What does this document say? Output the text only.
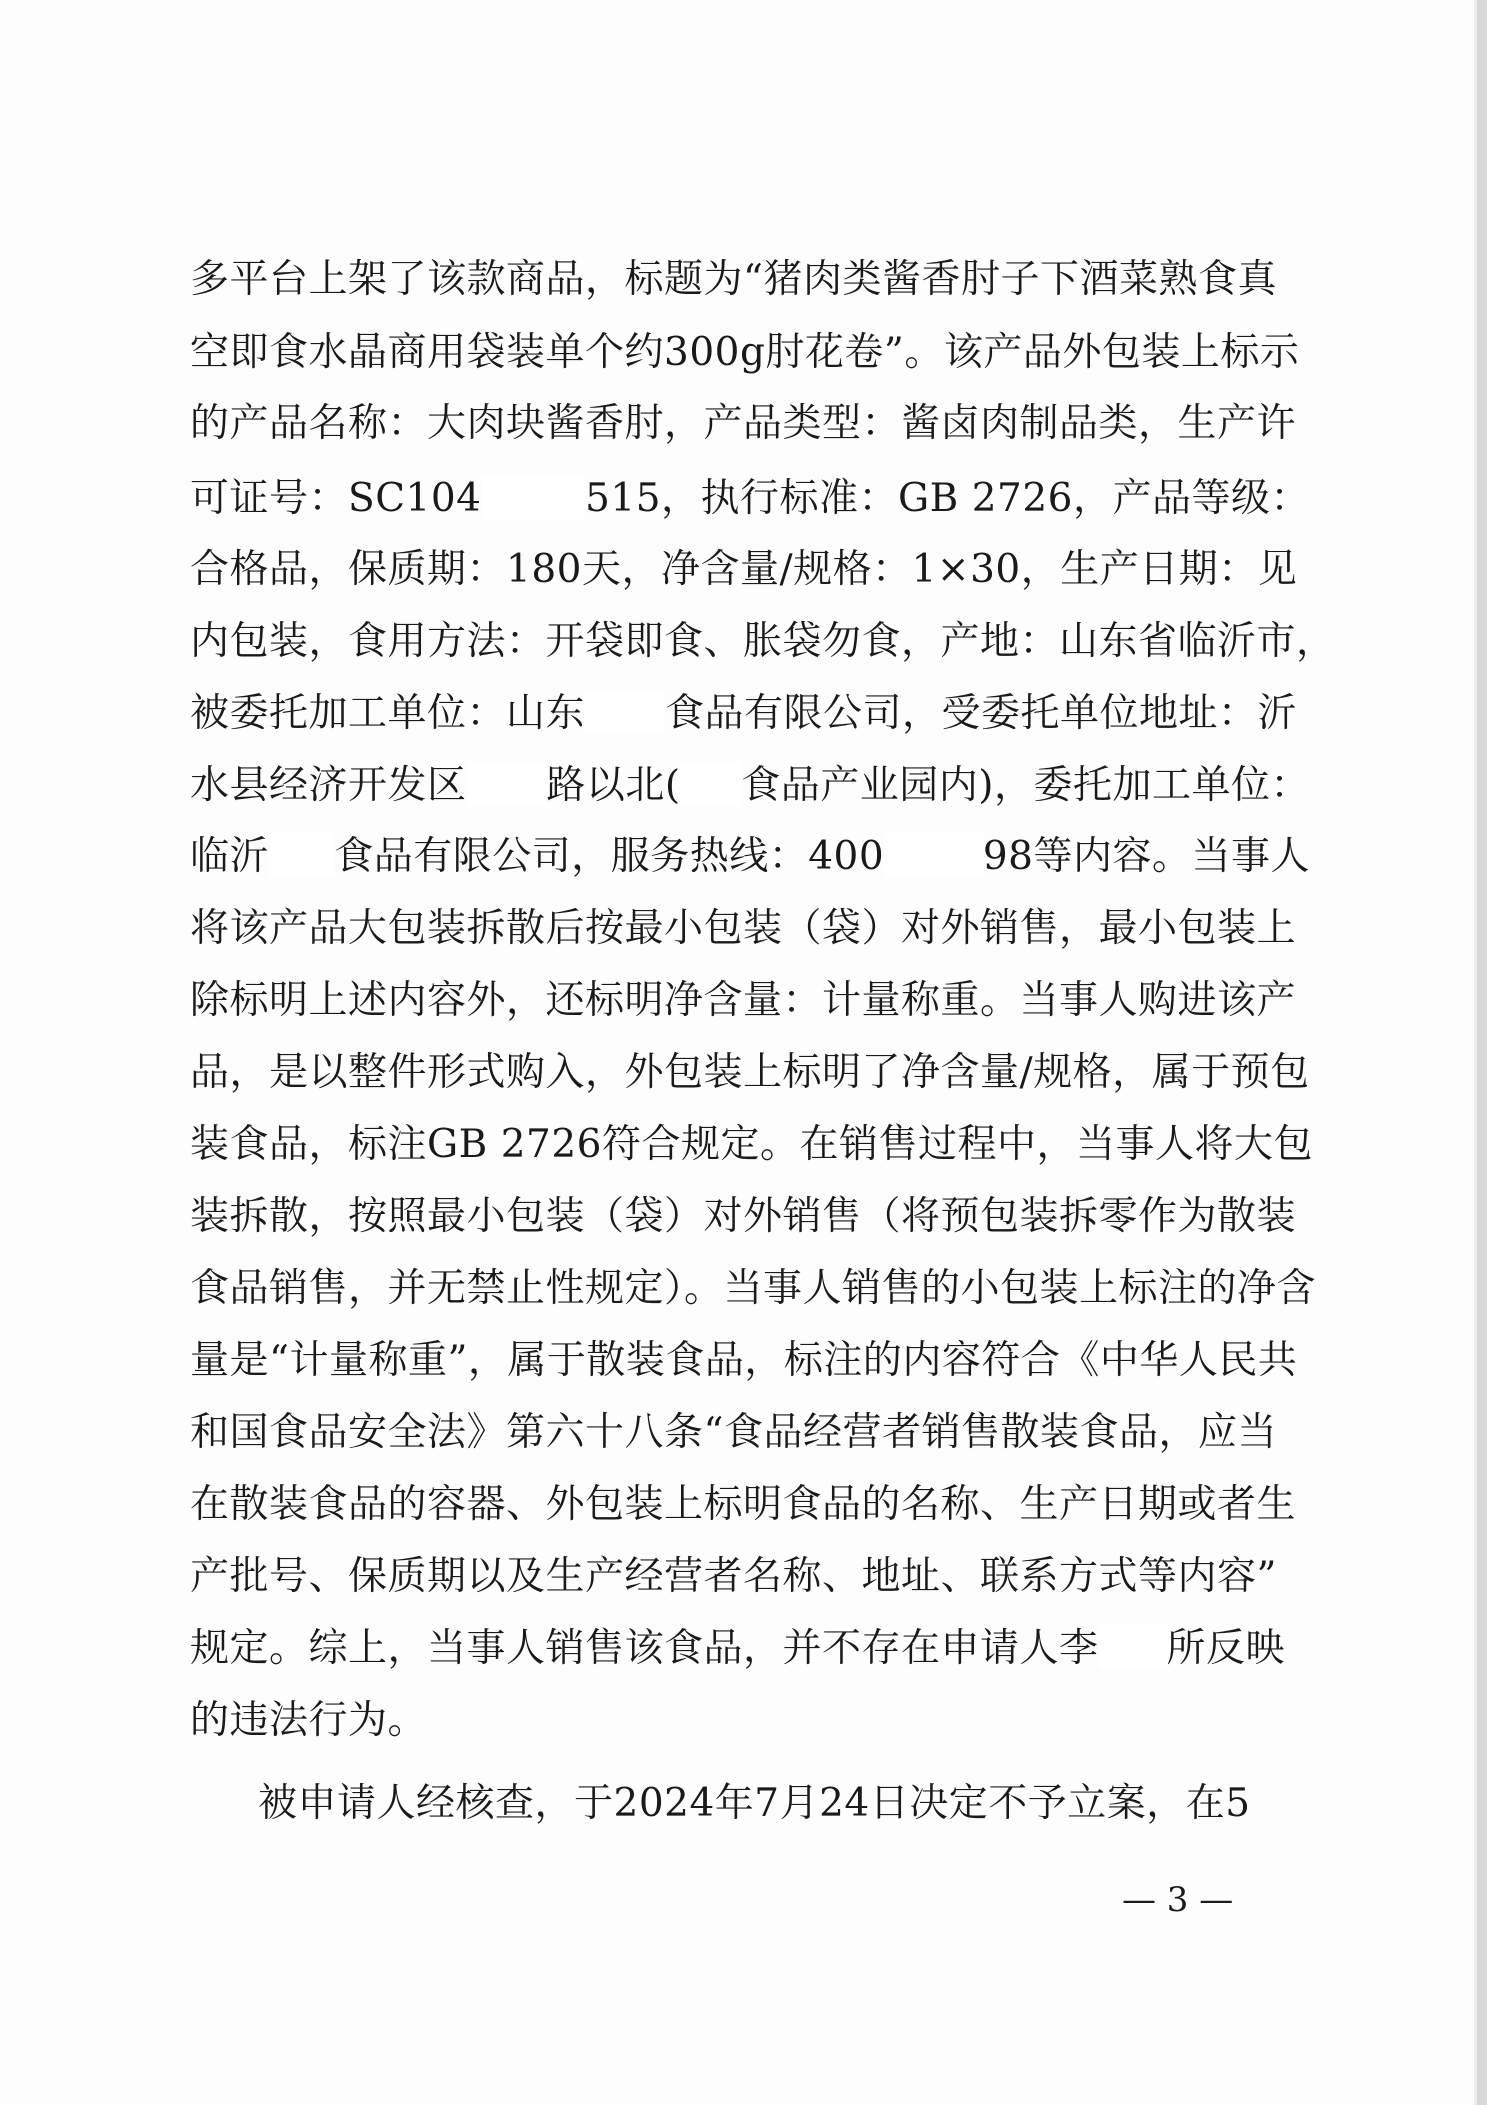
多平台上架了该款商品，标题为“猪肉类酱香肘子下酒菜熟食真
空即食水晶商用袋装单个约300g肘花卷”。该产品外包装上标示
的产品名称：大肉块酱香肘，产品类型：酱卤肉制品类，生产许
可证号：SC104	515，执行标准：GB 2726，产品等级：
合格品，保质期：180天，净含量/规格：1×30，生产日期：见
内包装，食用方法：开袋即食、胀袋勿食，产地：山东省临沂市，
被委托加工单位：山东 食品有限公司，受委托单位地址：沂
水县经济开发区 路以北( 食品产业园内)，委托加工单位：
临沂 食品有限公司，服务热线：400	98等内容。当事人
将该产品大包装拆散后按最小包装（袋）对外销售，最小包装上
除标明上述内容外，还标明净含量：计量称重。当事人购进该产
品，是以整件形式购入，外包装上标明了净含量/规格，属于预包
装食品，标注GB 2726符合规定。在销售过程中，当事人将大包
装拆散，按照最小包装（袋）对外销售（将预包装拆零作为散装
食品销售，并无禁止性规定）。当事人销售的小包装上标注的净含
量是“计量称重”，属于散装食品，标注的内容符合《中华人民共
和国食品安全法》第六十八条“食品经营者销售散装食品，应当
在散装食品的容器、外包装上标明食品的名称、生产日期或者生
产批号、保质期以及生产经营者名称、地址、联系方式等内容”
规定。综上，当事人销售该食品，并不存在申请人李 所反映
的违法行为。
被申请人经核查，于2024年7月24日决定不予立案，在5
— 3 —
